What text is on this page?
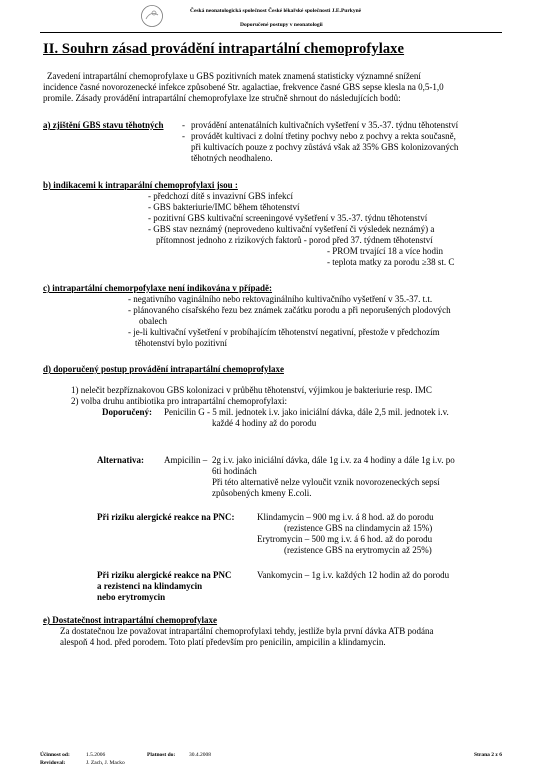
Česká neonatologická společnost České lékařské společnosti J.E.Purkyně
Doporučené postupy v neonatologii
II. Souhrn zásad provádění intrapartální chemoprofylaxe
Zavedení intrapartální chemoprofylaxe u GBS pozitivních matek znamená statisticky významné snížení
incidence časné novorozenecké infekce způsobené Str. agalactiae, frekvence časné GBS sepse klesla na 0,5-1,0
promile. Zásady provádění intrapartální chemoprofylaxe lze stručně shrnout do následujících bodů:
a) zjištění GBS stavu těhotných - provádění antenatálních kultivačních vyšetření v 35.-37. týdnu těhotenství
- provádět kultivaci z dolní třetiny pochvy nebo z pochvy a rekta současně,
při kultivacích pouze z pochvy zůstává však až 35% GBS kolonizovaných
těhotných neodhaleno.
b) indikacemi k intraparální chemoprofylaxi jsou :
- předchozí dítě s invazivní GBS infekcí
- GBS bakteriurie/IMC během těhotenství
- pozitivní GBS kultivační screeningové vyšetření v 35.-37. týdnu těhotenství
- GBS stav neznámý (neprovedeno kultivační vyšetření či výsledek neznámý) a
přítomnost jednoho z rizikových faktorů - porod před 37. týdnem těhotenství
- PROM trvající 18 a více hodin
- teplota matky za porodu ≥38 st. C
c) intrapartální chemorpofylaxe není indikována v případě:
- negativního vaginálního nebo rektovaginálního kultivačního vyšetření v 35.-37. t.t.
- plánovaného císařského řezu bez známek začátku porodu a při neporušených plodových
obalech
- je-li kultivační vyšetření v probíhajícím těhotenství negativní, přestože v předchozím
těhotenství bylo pozitivní
d) doporučený postup provádění intrapartální chemoprofylaxe
1) nelečit bezpříznakovou GBS kolonizaci v průběhu těhotenství, výjimkou je bakteriurie resp. IMC
2) volba druhu antibiotika pro intrapartální chemoprofylaxi:
Doporučený: Penicilin G - 5 mil. jednotek i.v. jako iniciální dávka, dále 2,5 mil. jednotek i.v.
každé 4 hodiny až do porodu
Alternativa: Ampicilin – 2g i.v. jako iniciální dávka, dále 1g i.v. za 4 hodiny a dále 1g i.v. po
6ti hodinách
Při této alternativě nelze vyloučit vznik novorozeneckých sepsí
způsobených kmeny E.coli.
Při riziku alergické reakce na PNC: Klindamycin – 900 mg i.v. á 8 hod. až do porodu
(rezistence GBS na clindamycin až 15%)
Erytromycin – 500 mg i.v. á 6 hod. až do porodu
(rezistence GBS na erytromycin až 25%)
Při riziku alergické reakce na PNC
a rezistenci na klindamycin
nebo erytromycin
Vankomycin – 1g i.v. každých 12 hodin až do porodu
e) Dostatečnost intrapartální chemoprofylaxe
Za dostatečnou lze považovat intrapartální chemoprofylaxi tehdy, jestliže byla první dávka ATB podána
alespoň 4 hod. před porodem. Toto platí především pro penicilin, ampicilin a klindamycin.
Účinnost od:	1.5.2006	Platnost do: 30.4.2008	Strana 2 z 6
Revidoval:	J. Zach, J. Macko
